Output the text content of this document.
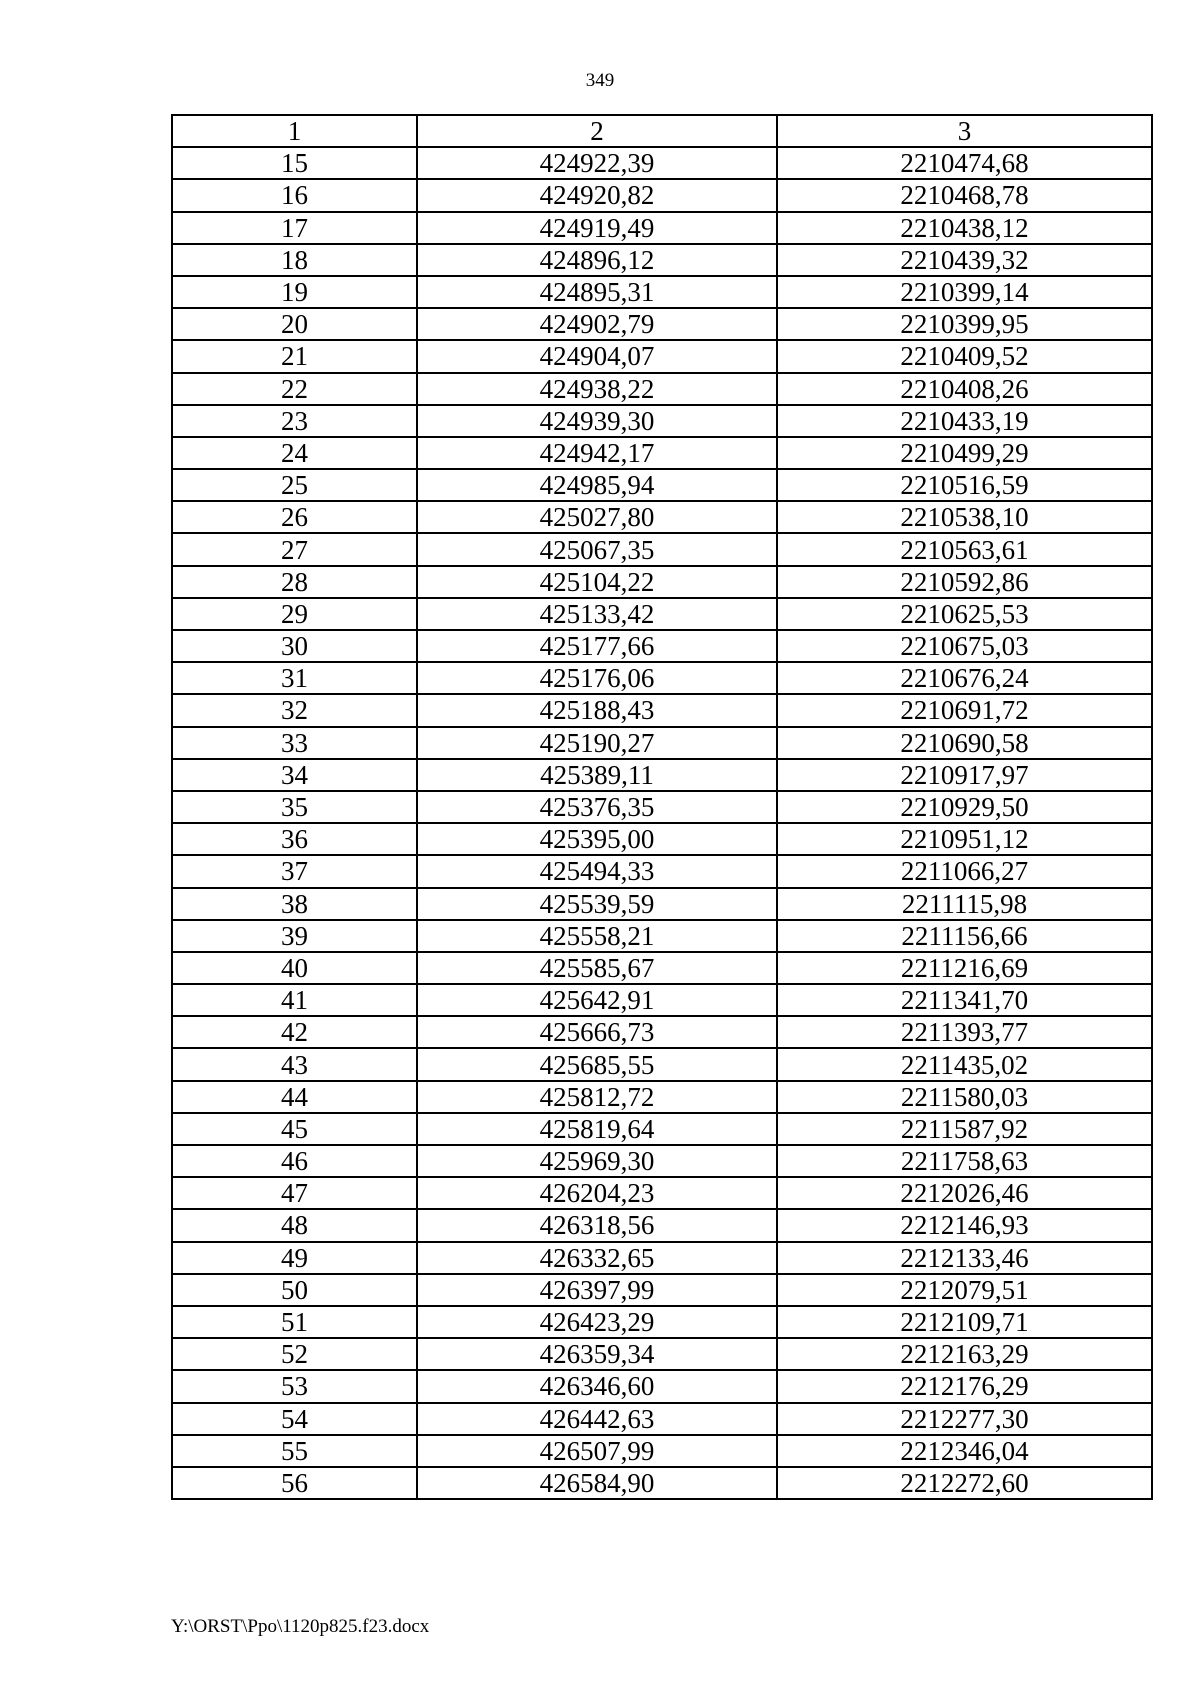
349
1	2	3
15	424922,39	2210474,68
16	424920,82	2210468,78
17	424919,49	2210438,12
18	424896,12	2210439,32
19	424895,31	2210399,14
20	424902,79	2210399,95
21	424904,07	2210409,52
22	424938,22	2210408,26
23	424939,30	2210433,19
24	424942,17	2210499,29
25	424985,94	2210516,59
26	425027,80	2210538,10
27	425067,35	2210563,61
28	425104,22	2210592,86
29	425133,42	2210625,53
30	425177,66	2210675,03
31	425176,06	2210676,24
32	425188,43	2210691,72
33	425190,27	2210690,58
34	425389,11	2210917,97
35	425376,35	2210929,50
36	425395,00	2210951,12
37	425494,33	2211066,27
38	425539,59	2211115,98
39	425558,21	2211156,66
40	425585,67	2211216,69
41	425642,91	2211341,70
42	425666,73	2211393,77
43	425685,55	2211435,02
44	425812,72	2211580,03
45	425819,64	2211587,92
46	425969,30	2211758,63
47	426204,23	2212026,46
48	426318,56	2212146,93
49	426332,65	2212133,46
50	426397,99	2212079,51
51	426423,29	2212109,71
52	426359,34	2212163,29
53	426346,60	2212176,29
54	426442,63	2212277,30
55	426507,99	2212346,04
56	426584,90	2212272,60
Y:\ORST\Ppo\1120p825.f23.docx
